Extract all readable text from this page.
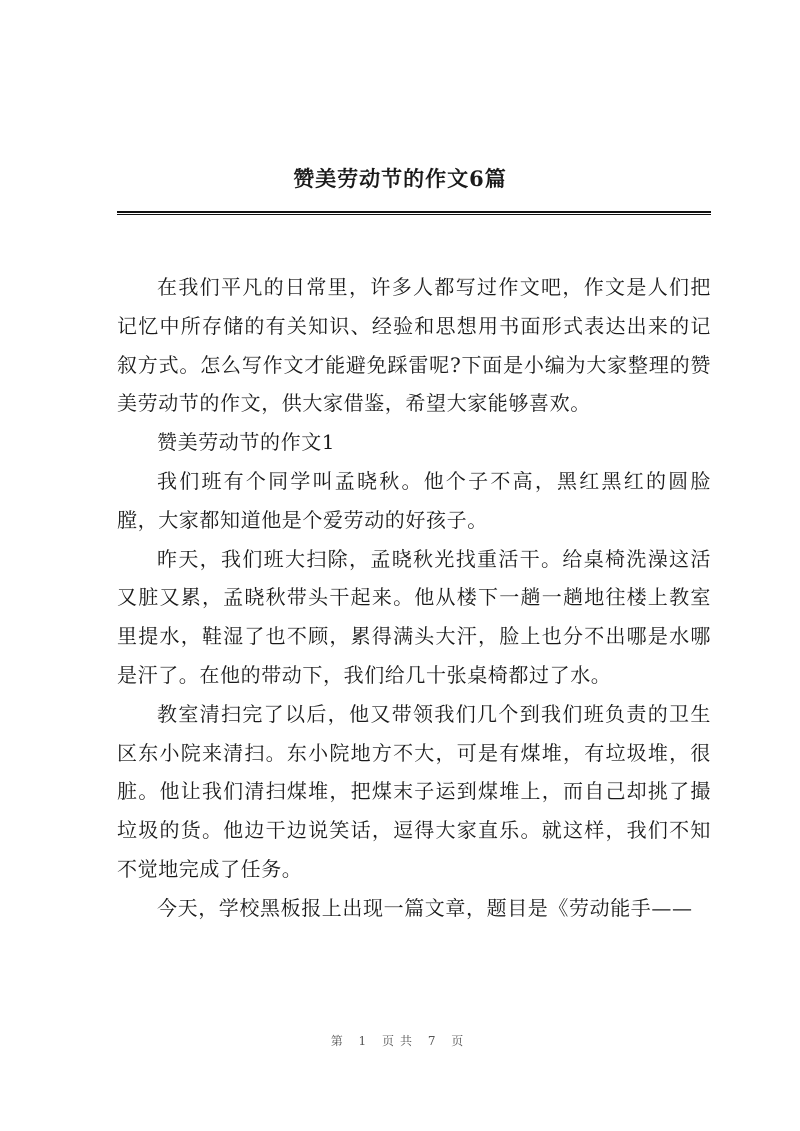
赞美劳动节的作文6篇

在我们平凡的日常里，许多人都写过作文吧，作文是人们把记忆中所存储的有关知识、经验和思想用书面形式表达出来的记叙方式。怎么写作文才能避免踩雷呢?下面是小编为大家整理的赞美劳动节的作文，供大家借鉴，希望大家能够喜欢。

赞美劳动节的作文1

我们班有个同学叫孟晓秋。他个子不高，黑红黑红的圆脸膛，大家都知道他是个爱劳动的好孩子。

昨天，我们班大扫除，孟晓秋光找重活干。给桌椅洗澡这活又脏又累，孟晓秋带头干起来。他从楼下一趟一趟地往楼上教室里提水，鞋湿了也不顾，累得满头大汗，脸上也分不出哪是水哪是汗了。在他的带动下，我们给几十张桌椅都过了水。

教室清扫完了以后，他又带领我们几个到我们班负责的卫生区东小院来清扫。东小院地方不大，可是有煤堆，有垃圾堆，很脏。他让我们清扫煤堆，把煤末子运到煤堆上，而自己却挑了撮垃圾的货。他边干边说笑话，逗得大家直乐。就这样，我们不知不觉地完成了任务。

今天，学校黑板报上出现一篇文章，题目是《劳动能手——

第 1 页共 7 页
